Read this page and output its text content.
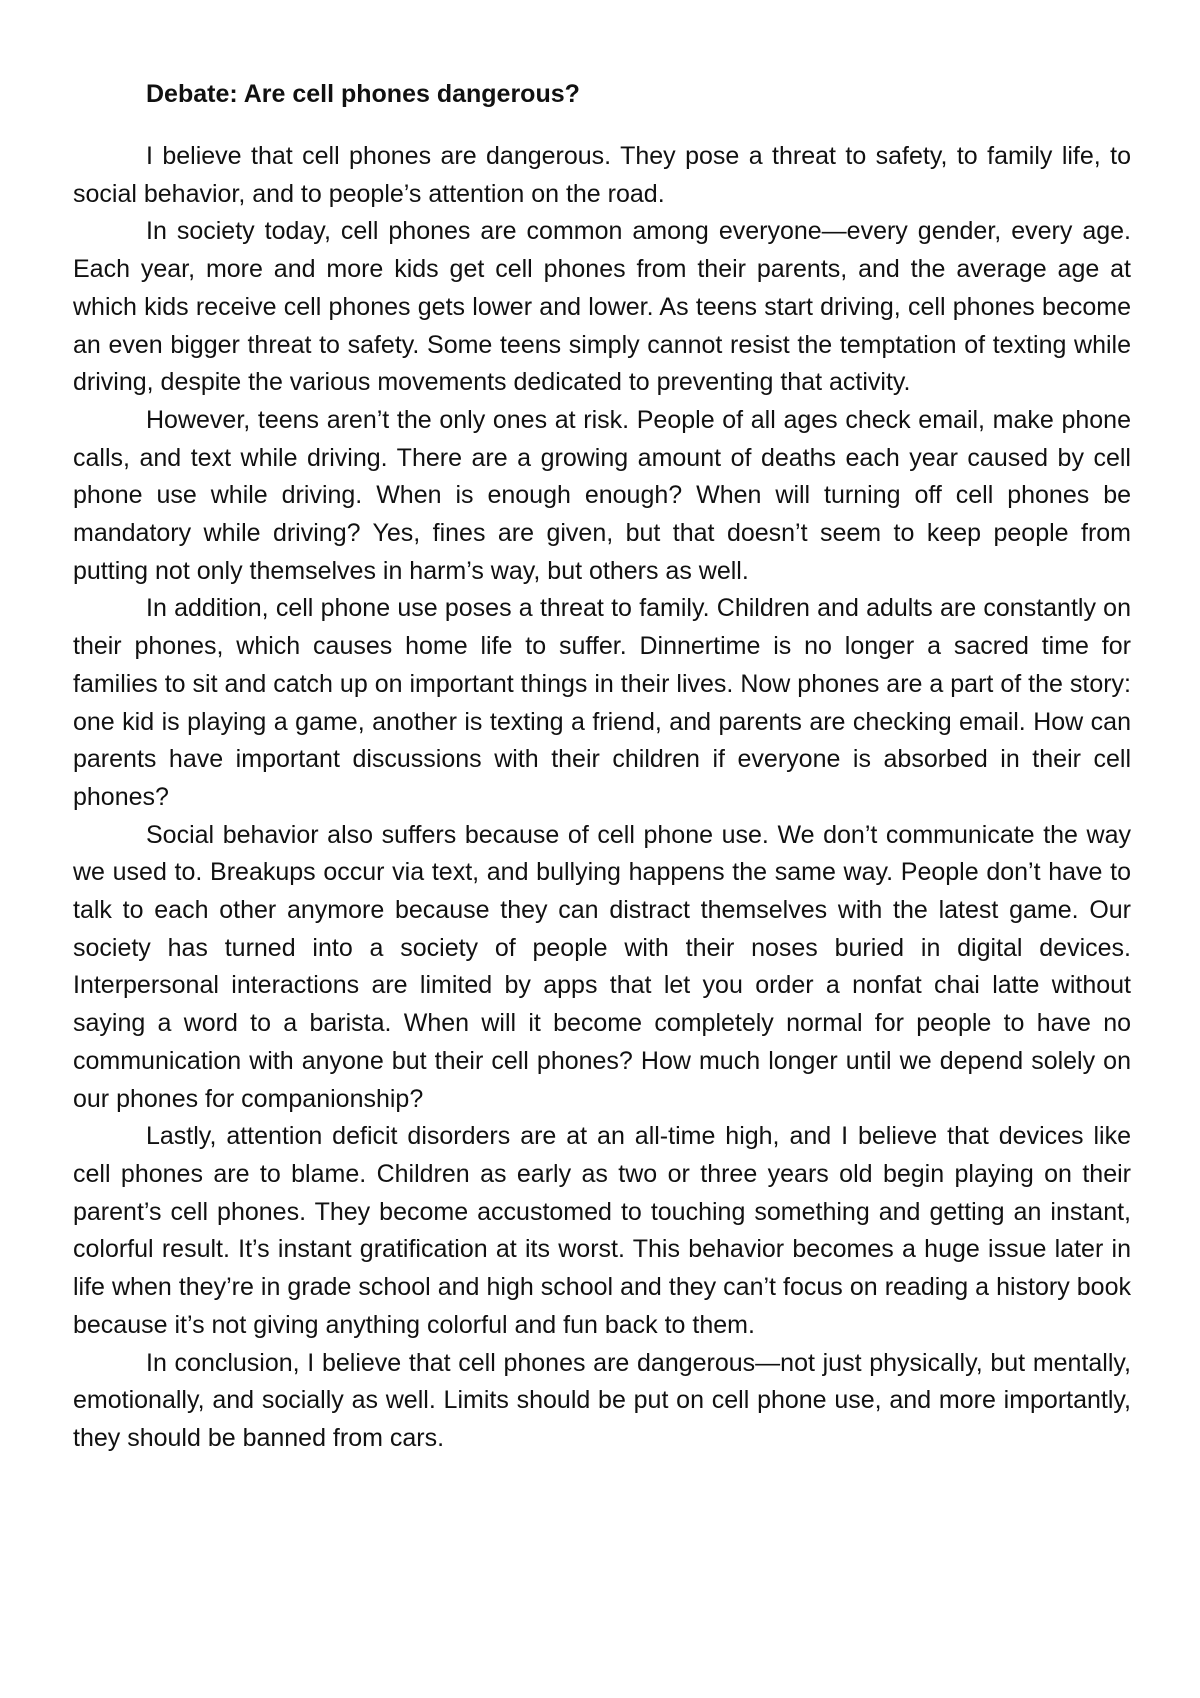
Debate: Are cell phones dangerous?

I believe that cell phones are dangerous. They pose a threat to safety, to family life, to social behavior, and to people’s attention on the road.

In society today, cell phones are common among everyone—every gender, every age. Each year, more and more kids get cell phones from their parents, and the average age at which kids receive cell phones gets lower and lower. As teens start driving, cell phones become an even bigger threat to safety. Some teens simply cannot resist the temptation of texting while driving, despite the various movements dedicated to preventing that activity.

However, teens aren’t the only ones at risk. People of all ages check email, make phone calls, and text while driving. There are a growing amount of deaths each year caused by cell phone use while driving. When is enough enough? When will turning off cell phones be mandatory while driving? Yes, fines are given, but that doesn’t seem to keep people from putting not only themselves in harm’s way, but others as well.

In addition, cell phone use poses a threat to family. Children and adults are constantly on their phones, which causes home life to suffer. Dinnertime is no longer a sacred time for families to sit and catch up on important things in their lives. Now phones are a part of the story: one kid is playing a game, another is texting a friend, and parents are checking email. How can parents have important discussions with their children if everyone is absorbed in their cell phones?

Social behavior also suffers because of cell phone use. We don’t communicate the way we used to. Breakups occur via text, and bullying happens the same way. People don’t have to talk to each other anymore because they can distract themselves with the latest game. Our society has turned into a society of people with their noses buried in digital devices. Interpersonal interactions are limited by apps that let you order a nonfat chai latte without saying a word to a barista. When will it become completely normal for people to have no communication with anyone but their cell phones? How much longer until we depend solely on our phones for companionship?

Lastly, attention deficit disorders are at an all-time high, and I believe that devices like cell phones are to blame. Children as early as two or three years old begin playing on their parent’s cell phones. They become accustomed to touching something and getting an instant, colorful result. It’s instant gratification at its worst. This behavior becomes a huge issue later in life when they’re in grade school and high school and they can’t focus on reading a history book because it’s not giving anything colorful and fun back to them.

In conclusion, I believe that cell phones are dangerous—not just physically, but mentally, emotionally, and socially as well. Limits should be put on cell phone use, and more importantly, they should be banned from cars.
